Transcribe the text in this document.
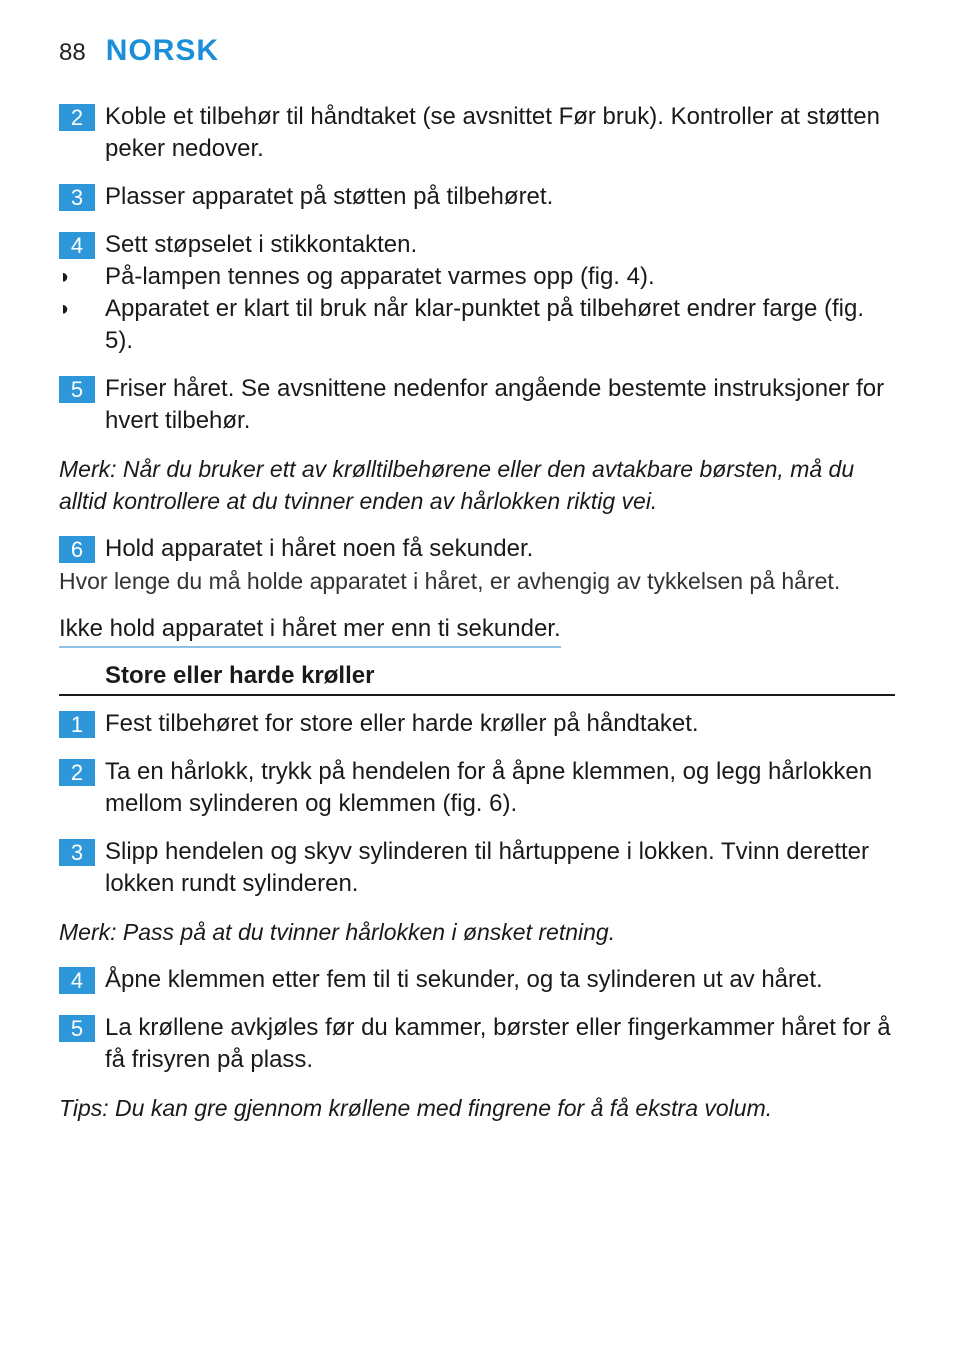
88 NORSK
2 Koble et tilbehør til håndtaket (se avsnittet Før bruk). Kontroller at støtten peker nedover.
3 Plasser apparatet på støtten på tilbehøret.
4 Sett støpselet i stikkontakten.
◗ På-lampen tennes og apparatet varmes opp (fig. 4).
◗ Apparatet er klart til bruk når klar-punktet på tilbehøret endrer farge (fig. 5).
5 Friser håret. Se avsnittene nedenfor angående bestemte instruksjoner for hvert tilbehør.
Merk: Når du bruker ett av krølltilbehørene eller den avtakbare børsten, må du alltid kontrollere at du tvinner enden av hårlokken riktig vei.
6 Hold apparatet i håret noen få sekunder.
Hvor lenge du må holde apparatet i håret, er avhengig av tykkelsen på håret.
Ikke hold apparatet i håret mer enn ti sekunder.
Store eller harde krøller
1 Fest tilbehøret for store eller harde krøller på håndtaket.
2 Ta en hårlokk, trykk på hendelen for å åpne klemmen, og legg hårlokken mellom sylinderen og klemmen (fig. 6).
3 Slipp hendelen og skyv sylinderen til hårtuppene i lokken. Tvinn deretter lokken rundt sylinderen.
Merk: Pass på at du tvinner hårlokken i ønsket retning.
4 Åpne klemmen etter fem til ti sekunder, og ta sylinderen ut av håret.
5 La krøllene avkjøles før du kammer, børster eller fingerkammer håret for å få frisyren på plass.
Tips: Du kan gre gjennom krøllene med fingrene for å få ekstra volum.
